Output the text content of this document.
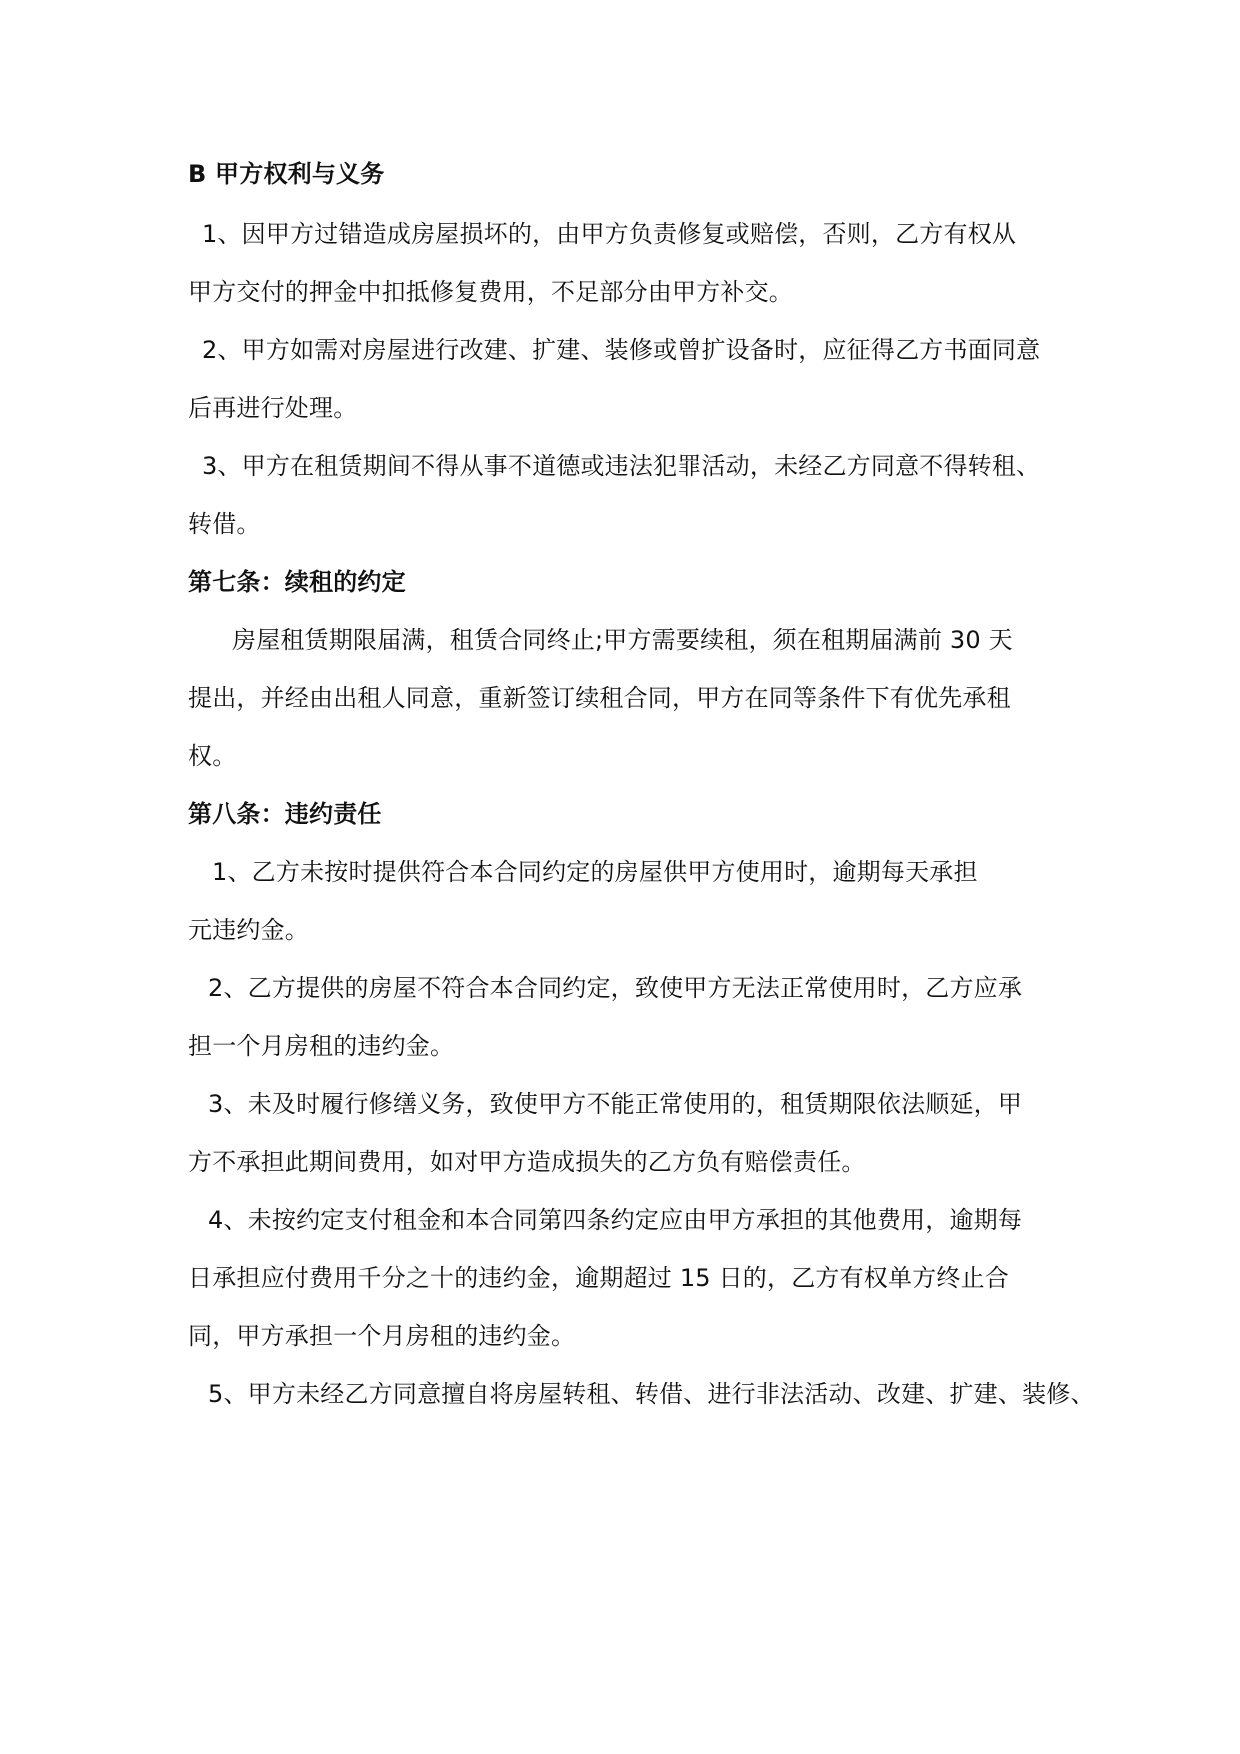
B 甲方权利与义务
1、因甲方过错造成房屋损坏的，由甲方负责修复或赔偿，否则，乙方有权从
甲方交付的押金中扣抵修复费用，不足部分由甲方补交。
2、甲方如需对房屋进行改建、扩建、装修或曾扩设备时，应征得乙方书面同意
后再进行处理。
3、甲方在租赁期间不得从事不道德或违法犯罪活动，未经乙方同意不得转租、
转借。
第七条：续租的约定
房屋租赁期限届满，租赁合同终止;甲方需要续租，须在租期届满前 30 天
提出，并经由出租人同意，重新签订续租合同，甲方在同等条件下有优先承租
权。
第八条：违约责任
1、乙方未按时提供符合本合同约定的房屋供甲方使用时，逾期每天承担
元违约金。
2、乙方提供的房屋不符合本合同约定，致使甲方无法正常使用时，乙方应承
担一个月房租的违约金。
3、未及时履行修缮义务，致使甲方不能正常使用的，租赁期限依法顺延，甲
方不承担此期间费用，如对甲方造成损失的乙方负有赔偿责任。
4、未按约定支付租金和本合同第四条约定应由甲方承担的其他费用，逾期每
日承担应付费用千分之十的违约金，逾期超过 15 日的，乙方有权单方终止合
同，甲方承担一个月房租的违约金。
5、甲方未经乙方同意擅自将房屋转租、转借、进行非法活动、改建、扩建、装修、
